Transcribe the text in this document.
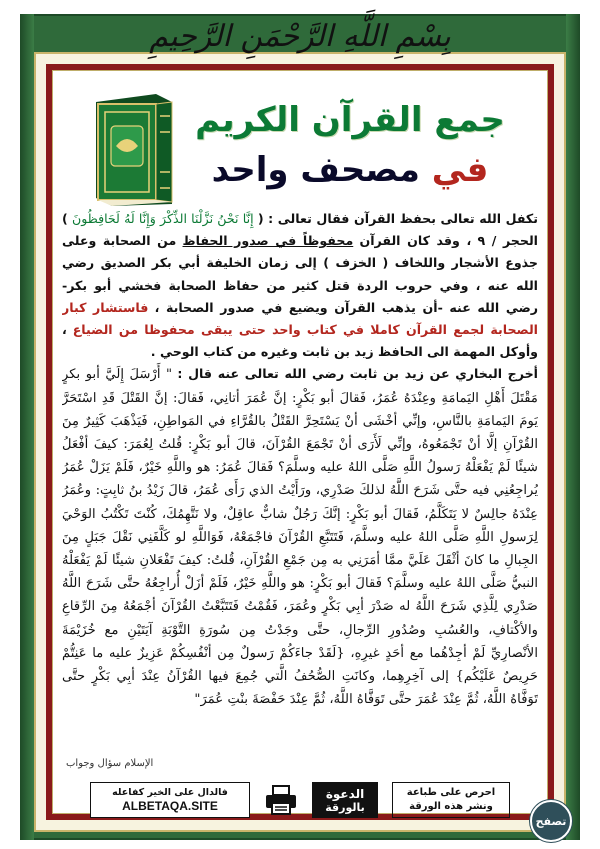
بِسْمِ اللَّهِ الرَّحْمَنِ الرَّحِيمِ
جمع القرآن الكريم
في مصحف واحد

تكفل الله تعالى بحفظ القرآن فقال تعالى : ( إِنَّا نَحْنُ نَزَّلْنَا الذِّكْرَ وَإِنَّا لَهُ لَحَافِظُونَ ) الحجر / ٩ ، وقد كان القرآن محفوظاً في صدور الحفاظ من الصحابة وعلى جذوع الأشجار واللخاف ( الخزف ) إلى زمان الخليفة أبي بكر الصديق رضي الله عنه ، وفي حروب الردة قتل كثير من حفاظ الصحابة فخشي أبو بكر- رضي الله عنه -أن يذهب القرآن ويضيع في صدور الصحابة ، فاستشار كبار الصحابة لجمع القرآن كاملا في كتاب واحد حتى يبقى محفوظا من الضياع ، وأوكل المهمة الى الحافظ زيد بن ثابت وغيره من كتاب الوحي .

أخرج البخاري عن زيد بن ثابت رضي الله تعالى عنه قال : " أَرْسَلَ إِلَيَّ أبو بكرٍ مَقْتَلَ أَهْلِ اليَمامَةِ وعِنْدَهُ عُمَرُ، فَقالَ أبو بَكْرٍ: إنَّ عُمَرَ أتانِي، فَقالَ: إنَّ القَتْلَ قَدِ اسْتَحَرَّ يَومَ اليَمامَةِ بالنَّاسِ، وإنِّي أخْشَى أنْ يَسْتَحِرَّ القَتْلُ بالقُرَّاءِ في المَواطِنِ، فَيَذْهَبَ كَثِيرٌ مِنَ القُرْآنِ إلَّا أنْ تَجْمَعُوهُ، وإنِّي لَأَرَى أنْ تَجْمَعَ القُرْآنَ، قالَ أبو بَكْرٍ: قُلتُ لِعُمَرَ: كيفَ أفْعَلُ شيئًا لَمْ يَفْعَلْهُ رَسولُ اللَّهِ صَلَّى اللهُ عليه وسلَّمَ؟ فَقالَ عُمَرُ: هو واللَّهِ خَيْرٌ، فَلَمْ يَزَلْ عُمَرُ يُراجِعُنِي فيه حتَّى شَرَحَ اللَّهُ لذلكَ صَدْرِي، ورَأَيْتُ الذي رَأَى عُمَرُ، قالَ زَيْدُ بنُ ثابِتٍ: وعُمَرُ عِنْدَهُ جالِسٌ لا يَتَكَلَّمُ، فَقالَ أبو بَكْرٍ: إنَّكَ رَجُلٌ شابٌّ عاقِلٌ، ولا نَتَّهِمُكَ، كُنْتَ تَكْتُبُ الوَحْيَ لِرَسولِ اللَّهِ صَلَّى اللهُ عليه وسلَّمَ، فَتَتَبَّعِ القُرْآنَ فاجْمَعْهُ، فَوَاللَّهِ لو كَلَّفَنِي نَقْلَ جَبَلٍ مِنَ الجِبالِ ما كانَ أثْقَلَ عَلَيَّ ممَّا أمَرَنِي به مِن جَمْعِ القُرْآنِ، قُلتُ: كيفَ تَفْعَلانِ شيئًا لَمْ يَفْعَلْهُ النبيُّ صَلَّى اللهُ عليه وسلَّمَ؟ فَقالَ أبو بَكْرٍ: هو واللَّهِ خَيْرٌ، فَلَمْ أزَلْ أُراجِعُهُ حتَّى شَرَحَ اللَّهُ صَدْرِي لِلَّذِي شَرَحَ اللَّهُ له صَدْرَ أبِي بَكْرٍ وعُمَرَ، فَقُمْتُ فَتَتَبَّعْتُ القُرْآنَ أجْمَعُهُ مِنَ الرِّقاعِ والأكْتافِ، والعُسُبِ وصُدُورِ الرِّجالِ، حتَّى وجَدْتُ مِن سُورَةِ التَّوْبَةِ آيَتَيْنِ مع خُزَيْمَةَ الأنْصارِيِّ لَمْ أجِدْهُما مع أحَدٍ غيرِهِ، {لَقَدْ جاءَكُمْ رَسولٌ مِن أنْفُسِكُمْ عَزِيزٌ عليه ما عَنِتُّمْ حَرِيصٌ عَلَيْكُم} إلى آخِرِهِما، وكانَتِ الصُّحُفُ الَّتي جُمِعَ فيها القُرْآنُ عِنْدَ أبِي بَكْرٍ حتَّى تَوَفَّاهُ اللَّهُ، ثُمَّ عِنْدَ عُمَرَ حتَّى تَوَفَّاهُ اللَّهُ، ثُمَّ عِنْدَ حَفْصَةَ بنْتِ عُمَرَ"

الإسلام سؤال وجواب
فالدال على الخير كفاعله
ALBETAQA.SITE
الدعوة
بالورقة
احرص على طباعة
ونشر هذه الورقة
تصفح
